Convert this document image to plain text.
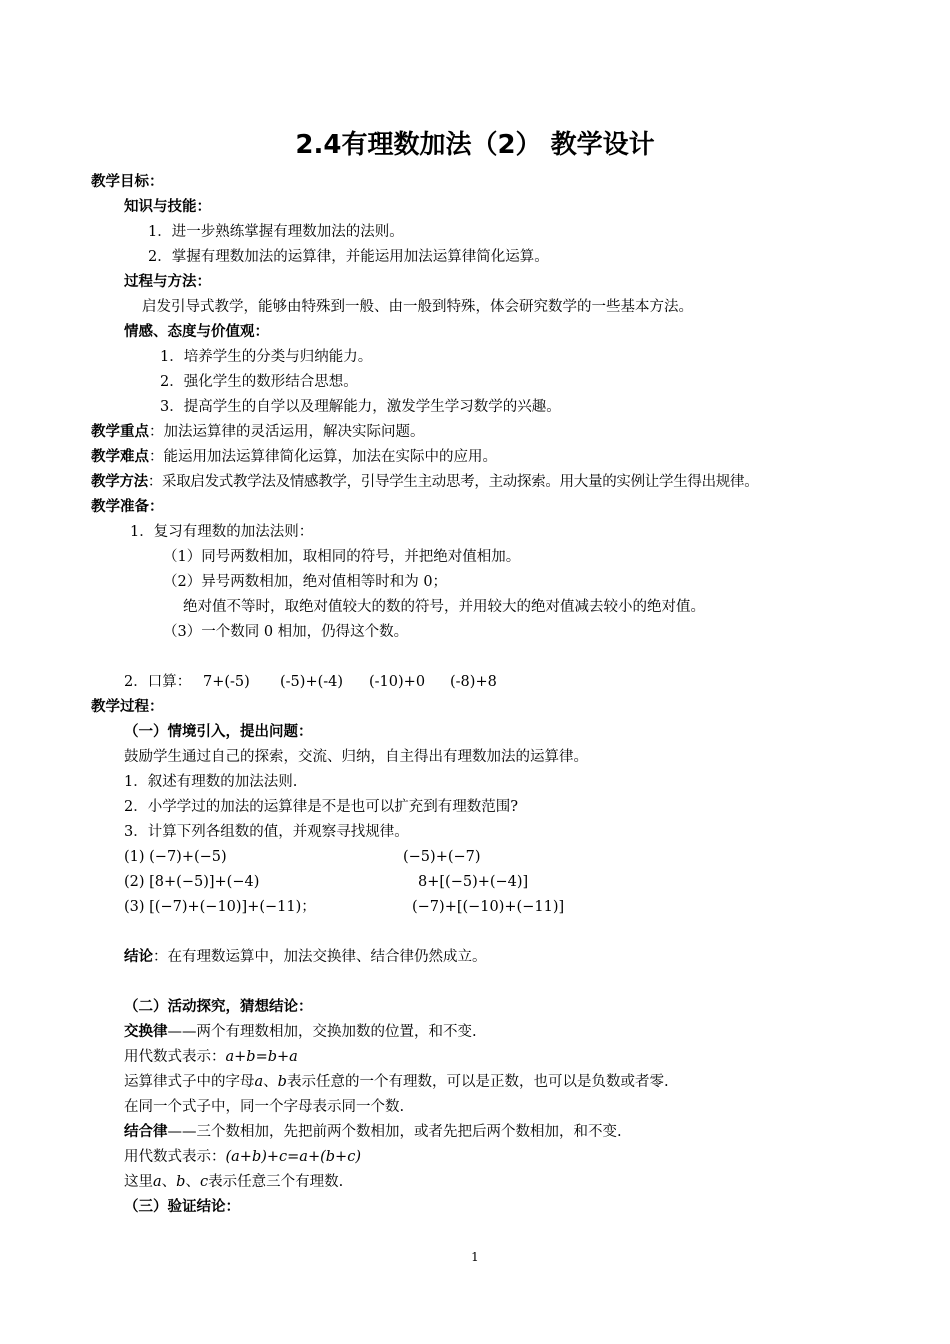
2.4有理数加法（2） 教学设计
教学目标：
知识与技能：
1．进一步熟练掌握有理数加法的法则。
2．掌握有理数加法的运算律，并能运用加法运算律简化运算。
过程与方法：
启发引导式教学，能够由特殊到一般、由一般到特殊，体会研究数学的一些基本方法。
情感、态度与价值观：
1．培养学生的分类与归纳能力。
2．强化学生的数形结合思想。
3．提高学生的自学以及理解能力，激发学生学习数学的兴趣。
教学重点：加法运算律的灵活运用，解决实际问题。
教学难点：能运用加法运算律简化运算，加法在实际中的应用。
教学方法：采取启发式教学法及情感教学，引导学生主动思考，主动探索。用大量的实例让学生得出规律。
教学准备：
1．复习有理数的加法法则：
（1）同号两数相加，取相同的符号，并把绝对值相加。
（2）异号两数相加，绝对值相等时和为 0；
绝对值不等时，取绝对值较大的数的符号，并用较大的绝对值减去较小的绝对值。
（3）一个数同 0 相加，仍得这个数。
2．口算： 7+(-5) (-5)+(-4) (-10)+0 (-8)+8
教学过程：
（一）情境引入，提出问题：
鼓励学生通过自己的探索，交流、归纳，自主得出有理数加法的运算律。
1．叙述有理数的加法法则.
2．小学学过的加法的运算律是不是也可以扩充到有理数范围?
3．计算下列各组数的值，并观察寻找规律。
(1) (−7)+(−5)	(−5)+(−7)
(2) [8+(−5)]+(−4)	8+[(−5)+(−4)]
(3) [(−7)+(−10)]+(−11)；	(−7)+[(−10)+(−11)]
结论：在有理数运算中，加法交换律、结合律仍然成立。
（二）活动探究，猜想结论：
交换律——两个有理数相加，交换加数的位置，和不变.
用代数式表示：a+b=b+a
运算律式子中的字母a、b表示任意的一个有理数，可以是正数，也可以是负数或者零.
在同一个式子中，同一个字母表示同一个数.
结合律——三个数相加，先把前两个数相加，或者先把后两个数相加，和不变.
用代数式表示：(a+b)+c=a+(b+c)
这里a、b、c表示任意三个有理数.
（三）验证结论：
1
